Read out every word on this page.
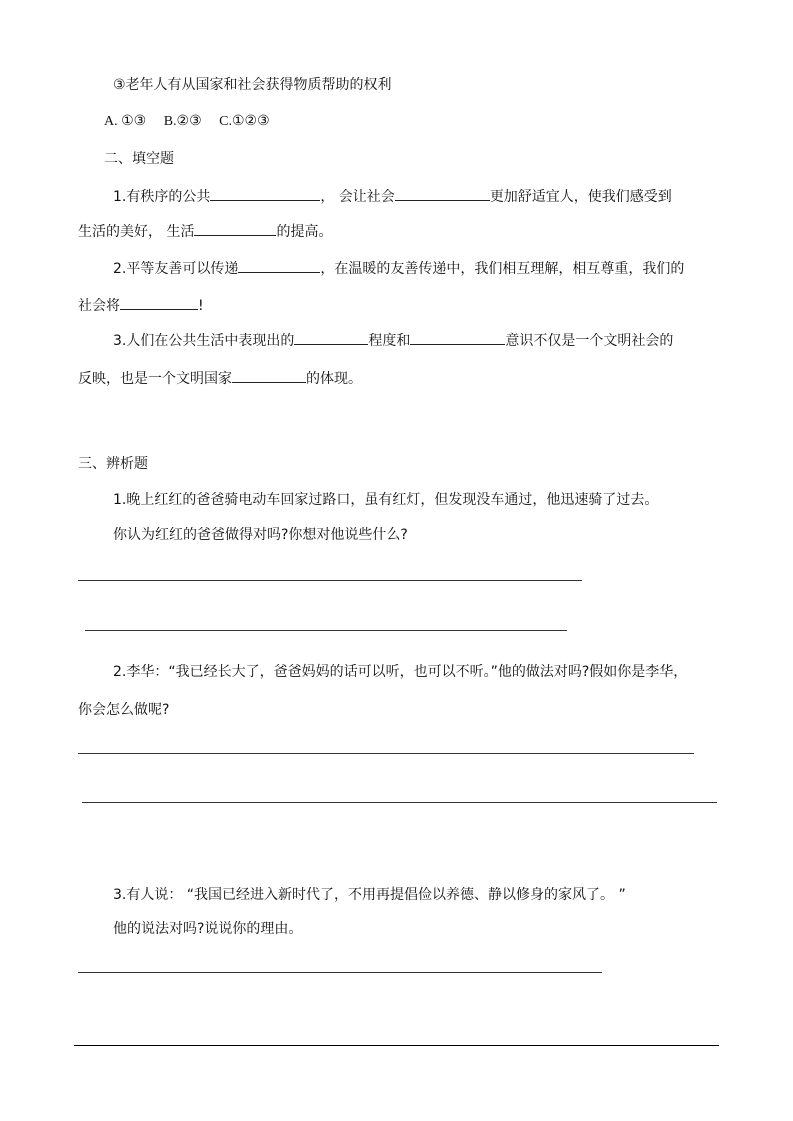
③老年人有从国家和社会获得物质帮助的权利
A. ①③ B.②③ C.①②③
二、填空题
1.有秩序的公共	， 会让社会	更加舒适宜人，使我们感受到
生活的美好， 生活	的提高。
2.平等友善可以传递	，在温暖的友善传递中，我们相互理解，相互尊重，我们的
社会将	!
3.人们在公共生活中表现出的	程度和	意识不仅是一个文明社会的
反映，也是一个文明国家	的体现。
三、辨析题
1.晚上红红的爸爸骑电动车回家过路口，虽有红灯，但发现没车通过，他迅速骑了过去。
你认为红红的爸爸做得对吗?你想对他说些什么?
2.李华：“我已经长大了，爸爸妈妈的话可以听，也可以不听。”他的做法对吗?假如你是李华，
你会怎么做呢?
3.有人说： “我国已经进入新时代了，不用再提倡俭以养德、静以修身的家风了。 ”
他的说法对吗?说说你的理由。
